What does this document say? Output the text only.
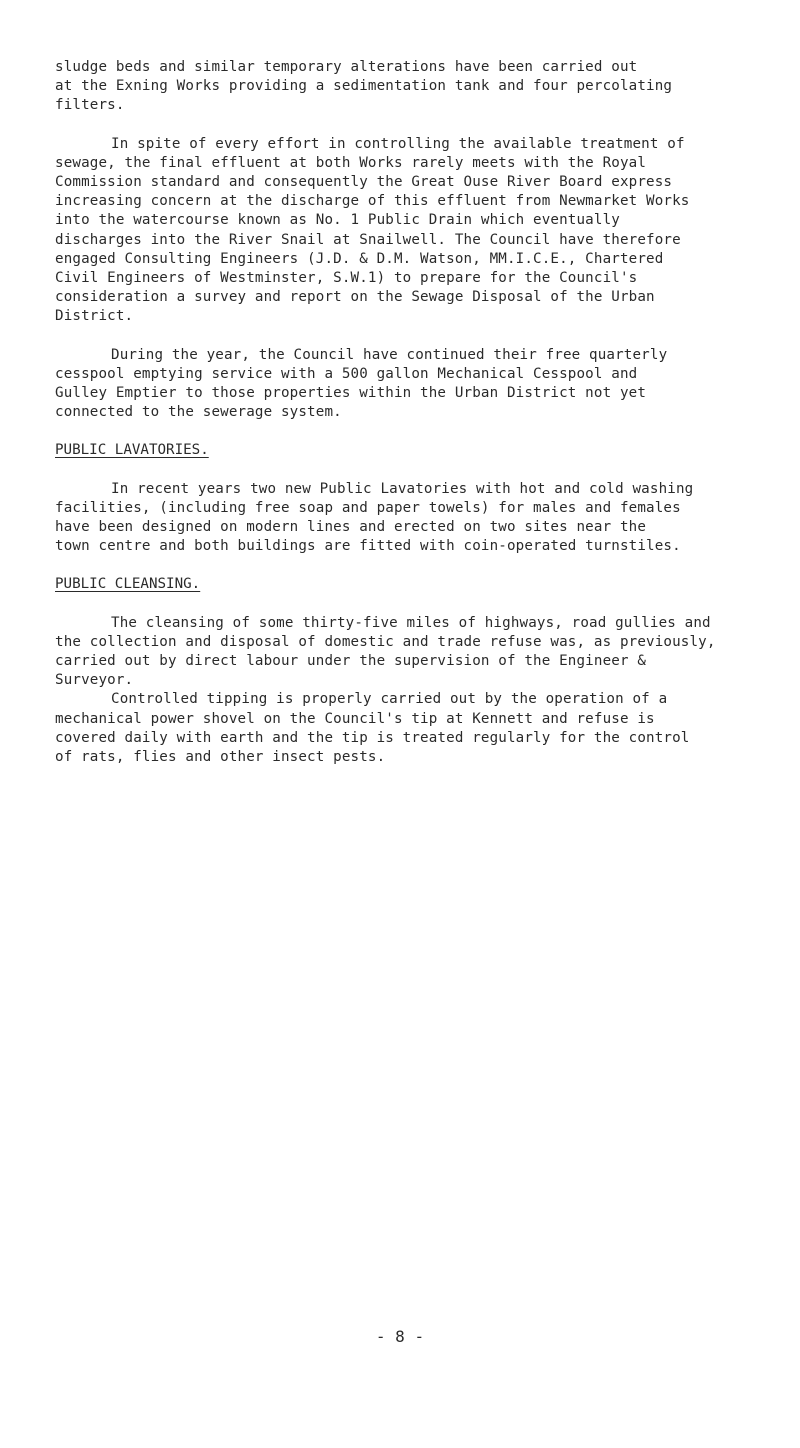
sludge beds and similar temporary alterations have been carried out
at the Exning Works providing a sedimentation tank and four percolating
filters.

In spite of every effort in controlling the available treatment of
sewage, the final effluent at both Works rarely meets with the Royal
Commission standard and consequently the Great Ouse River Board express
increasing concern at the discharge of this effluent from Newmarket Works
into the watercourse known as No. 1 Public Drain which eventually
discharges into the River Snail at Snailwell. The Council have therefore
engaged Consulting Engineers (J.D. & D.M. Watson, MM.I.C.E., Chartered
Civil Engineers of Westminster, S.W.1) to prepare for the Council's
consideration a survey and report on the Sewage Disposal of the Urban
District.

During the year, the Council have continued their free quarterly
cesspool emptying service with a 500 gallon Mechanical Cesspool and
Gulley Emptier to those properties within the Urban District not yet
connected to the sewerage system.

PUBLIC LAVATORIES.

In recent years two new Public Lavatories with hot and cold washing
facilities, (including free soap and paper towels) for males and females
have been designed on modern lines and erected on two sites near the
town centre and both buildings are fitted with coin-operated turnstiles.

PUBLIC CLEANSING.

The cleansing of some thirty-five miles of highways, road gullies and
the collection and disposal of domestic and trade refuse was, as previously,
carried out by direct labour under the supervision of the Engineer &
Surveyor.

Controlled tipping is properly carried out by the operation of a
mechanical power shovel on the Council's tip at Kennett and refuse is
covered daily with earth and the tip is treated regularly for the control
of rats, flies and other insect pests.

- 8 -
